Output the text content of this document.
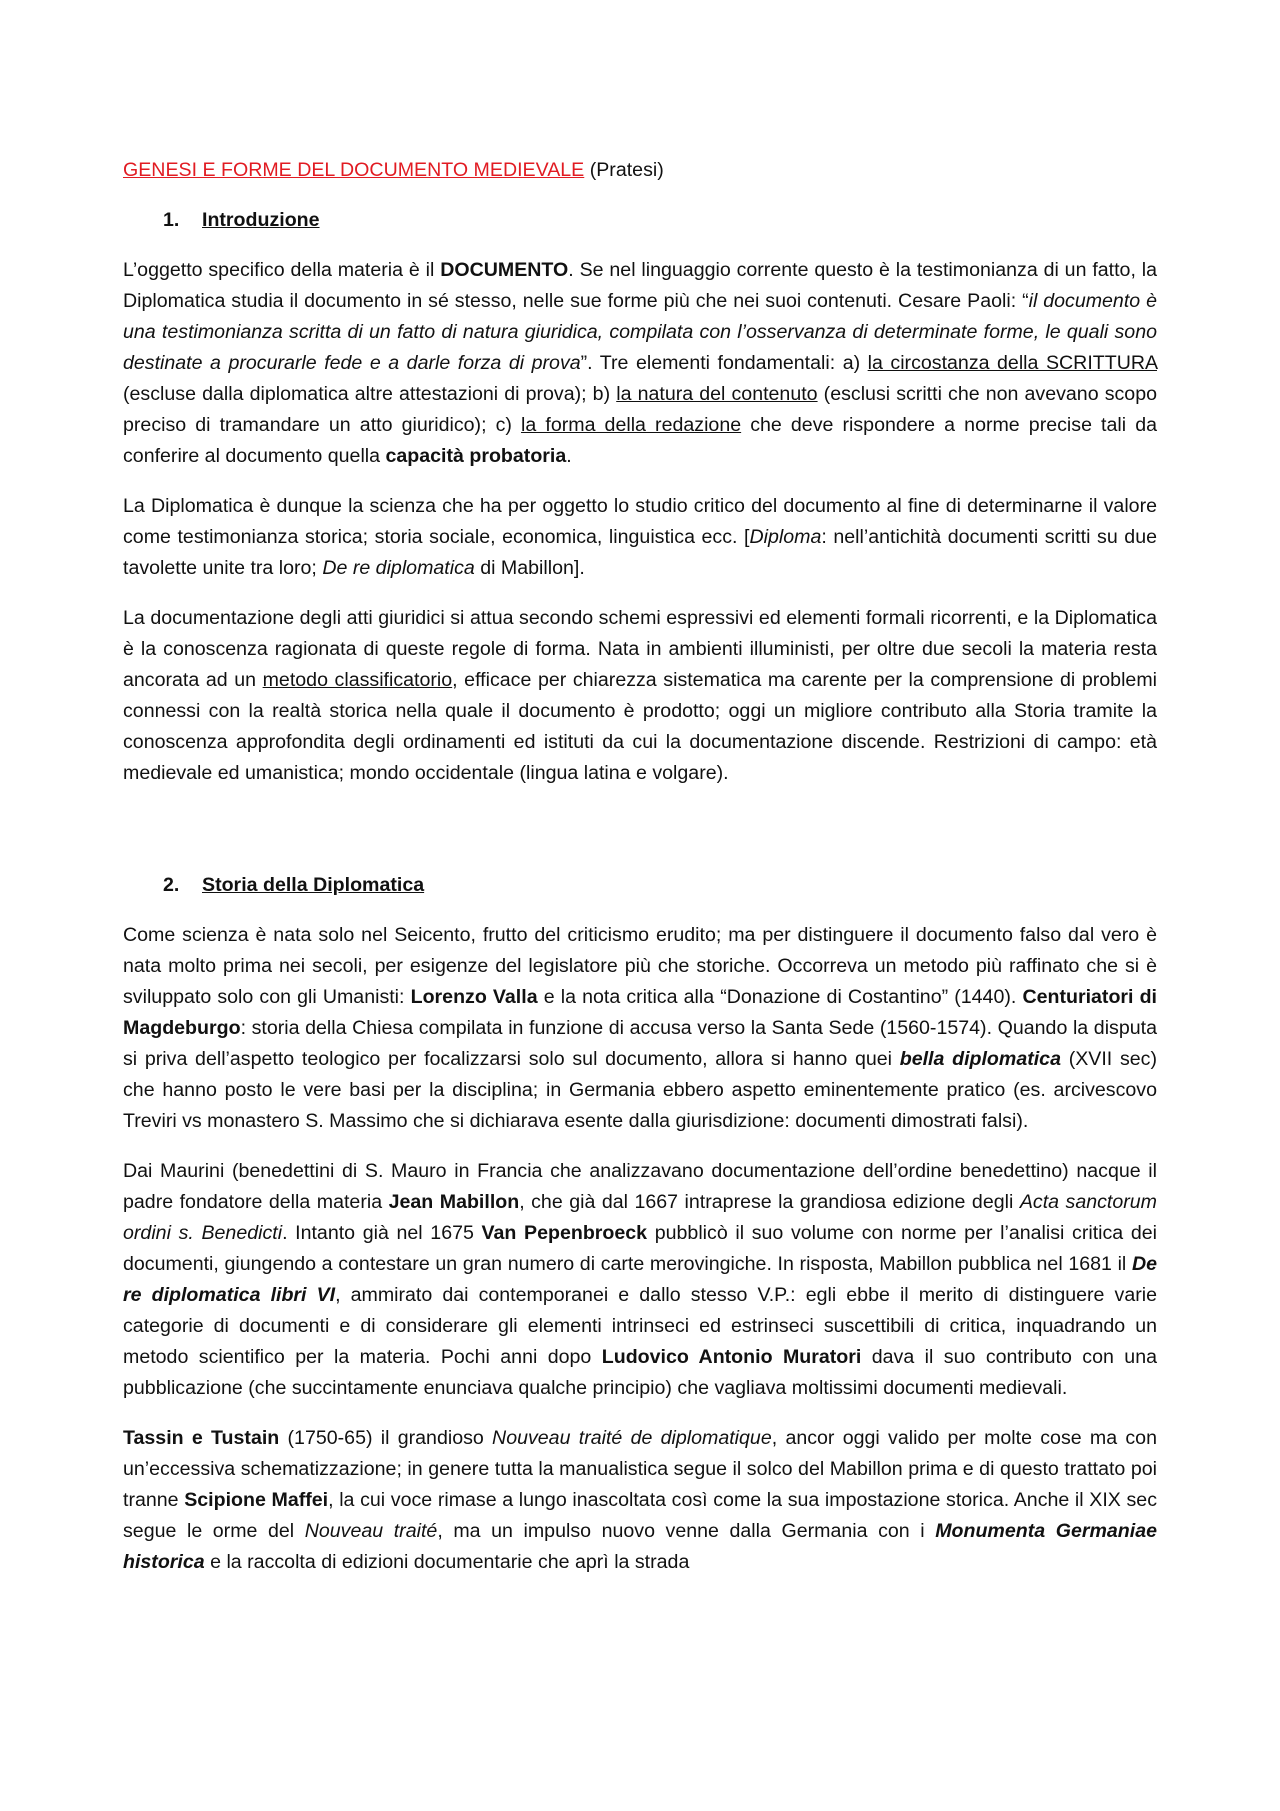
GENESI E FORME DEL DOCUMENTO MEDIEVALE (Pratesi)
1. Introduzione

L’oggetto specifico della materia è il DOCUMENTO. Se nel linguaggio corrente questo è la testimonianza di un fatto, la Diplomatica studia il documento in sé stesso, nelle sue forme più che nei suoi contenuti. Cesare Paoli: “il documento è una testimonianza scritta di un fatto di natura giuridica, compilata con l’osservanza di determinate forme, le quali sono destinate a procurarle fede e a darle forza di prova”. Tre elementi fondamentali: a) la circostanza della SCRITTURA (escluse dalla diplomatica altre attestazioni di prova); b) la natura del contenuto (esclusi scritti che non avevano scopo preciso di tramandare un atto giuridico); c) la forma della redazione che deve rispondere a norme precise tali da conferire al documento quella capacità probatoria.

La Diplomatica è dunque la scienza che ha per oggetto lo studio critico del documento al fine di determinarne il valore come testimonianza storica; storia sociale, economica, linguistica ecc. [Diploma: nell’antichità documenti scritti su due tavolette unite tra loro; De re diplomatica di Mabillon].

La documentazione degli atti giuridici si attua secondo schemi espressivi ed elementi formali ricorrenti, e la Diplomatica è la conoscenza ragionata di queste regole di forma. Nata in ambienti illuministi, per oltre due secoli la materia resta ancorata ad un metodo classificatorio, efficace per chiarezza sistematica ma carente per la comprensione di problemi connessi con la realtà storica nella quale il documento è prodotto; oggi un migliore contributo alla Storia tramite la conoscenza approfondita degli ordinamenti ed istituti da cui la documentazione discende. Restrizioni di campo: età medievale ed umanistica; mondo occidentale (lingua latina e volgare).

2. Storia della Diplomatica

Come scienza è nata solo nel Seicento, frutto del criticismo erudito; ma per distinguere il documento falso dal vero è nata molto prima nei secoli, per esigenze del legislatore più che storiche. Occorreva un metodo più raffinato che si è sviluppato solo con gli Umanisti: Lorenzo Valla e la nota critica alla “Donazione di Costantino” (1440). Centuriatori di Magdeburgo: storia della Chiesa compilata in funzione di accusa verso la Santa Sede (1560-1574). Quando la disputa si priva dell’aspetto teologico per focalizzarsi solo sul documento, allora si hanno quei bella diplomatica (XVII sec) che hanno posto le vere basi per la disciplina; in Germania ebbero aspetto eminentemente pratico (es. arcivescovo Treviri vs monastero S. Massimo che si dichiarava esente dalla giurisdizione: documenti dimostrati falsi).

Dai Maurini (benedettini di S. Mauro in Francia che analizzavano documentazione dell’ordine benedettino) nacque il padre fondatore della materia Jean Mabillon, che già dal 1667 intraprese la grandiosa edizione degli Acta sanctorum ordini s. Benedicti. Intanto già nel 1675 Van Pepenbroeck pubblicò il suo volume con norme per l’analisi critica dei documenti, giungendo a contestare un gran numero di carte merovingiche. In risposta, Mabillon pubblica nel 1681 il De re diplomatica libri VI, ammirato dai contemporanei e dallo stesso V.P.: egli ebbe il merito di distinguere varie categorie di documenti e di considerare gli elementi intrinseci ed estrinseci suscettibili di critica, inquadrando un metodo scientifico per la materia. Pochi anni dopo Ludovico Antonio Muratori dava il suo contributo con una pubblicazione (che succintamente enunciava qualche principio) che vagliava moltissimi documenti medievali.

Tassin e Tustain (1750-65) il grandioso Nouveau traité de diplomatique, ancor oggi valido per molte cose ma con un’eccessiva schematizzazione; in genere tutta la manualistica segue il solco del Mabillon prima e di questo trattato poi tranne Scipione Maffei, la cui voce rimase a lungo inascoltata così come la sua impostazione storica. Anche il XIX sec segue le orme del Nouveau traité, ma un impulso nuovo venne dalla Germania con i Monumenta Germaniae historica e la raccolta di edizioni documentarie che aprì la strada
